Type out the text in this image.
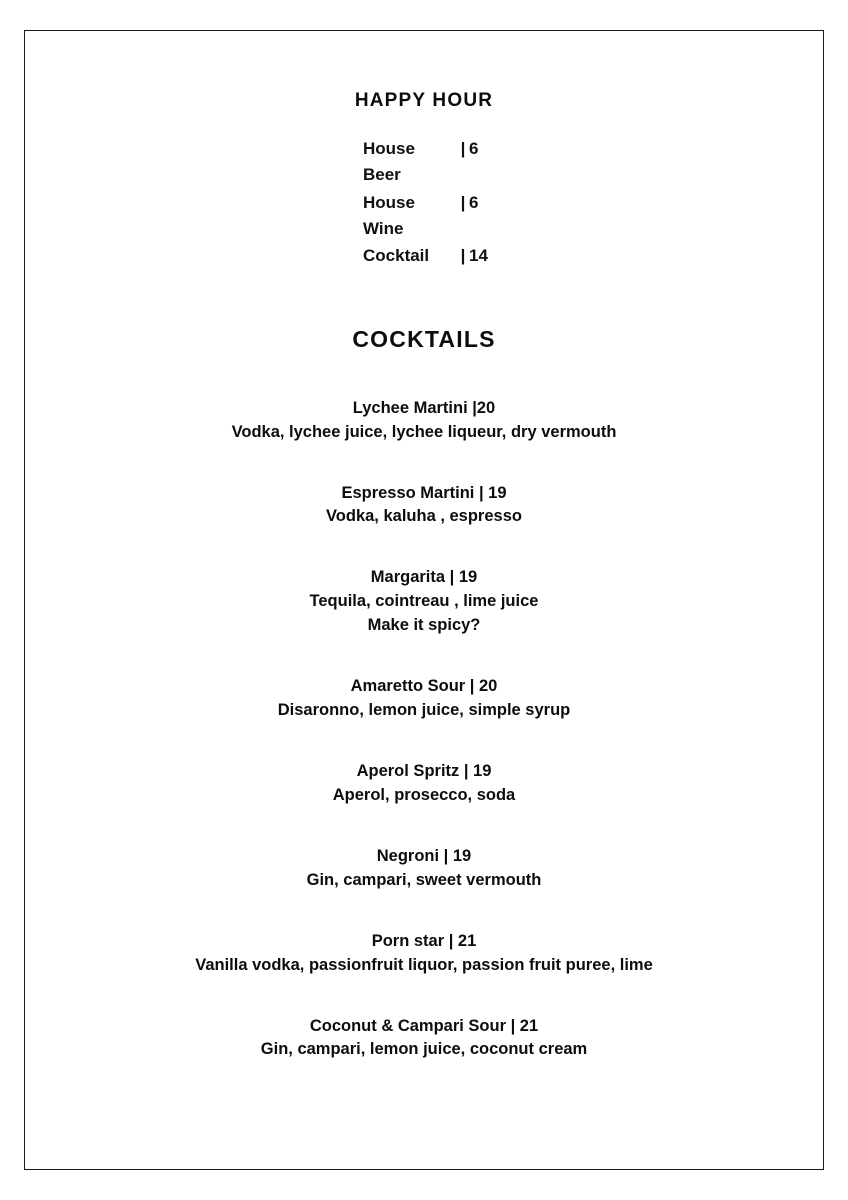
HAPPY HOUR
House Beer
| 6
House Wine
| 6
Cocktail	| 14
COCKTAILS
Lychee Martini |20
Vodka, lychee juice, lychee liqueur, dry vermouth
Espresso Martini | 19
Vodka, kaluha , espresso
Margarita | 19
Tequila, cointreau , lime juice
Make it spicy?
Amaretto Sour | 20
Disaronno, lemon juice, simple syrup
Aperol Spritz | 19
Aperol, prosecco, soda
Negroni | 19
Gin, campari, sweet vermouth
Porn star | 21
Vanilla vodka, passionfruit liquor, passion fruit puree, lime
Coconut & Campari Sour | 21
Gin, campari, lemon juice, coconut cream
